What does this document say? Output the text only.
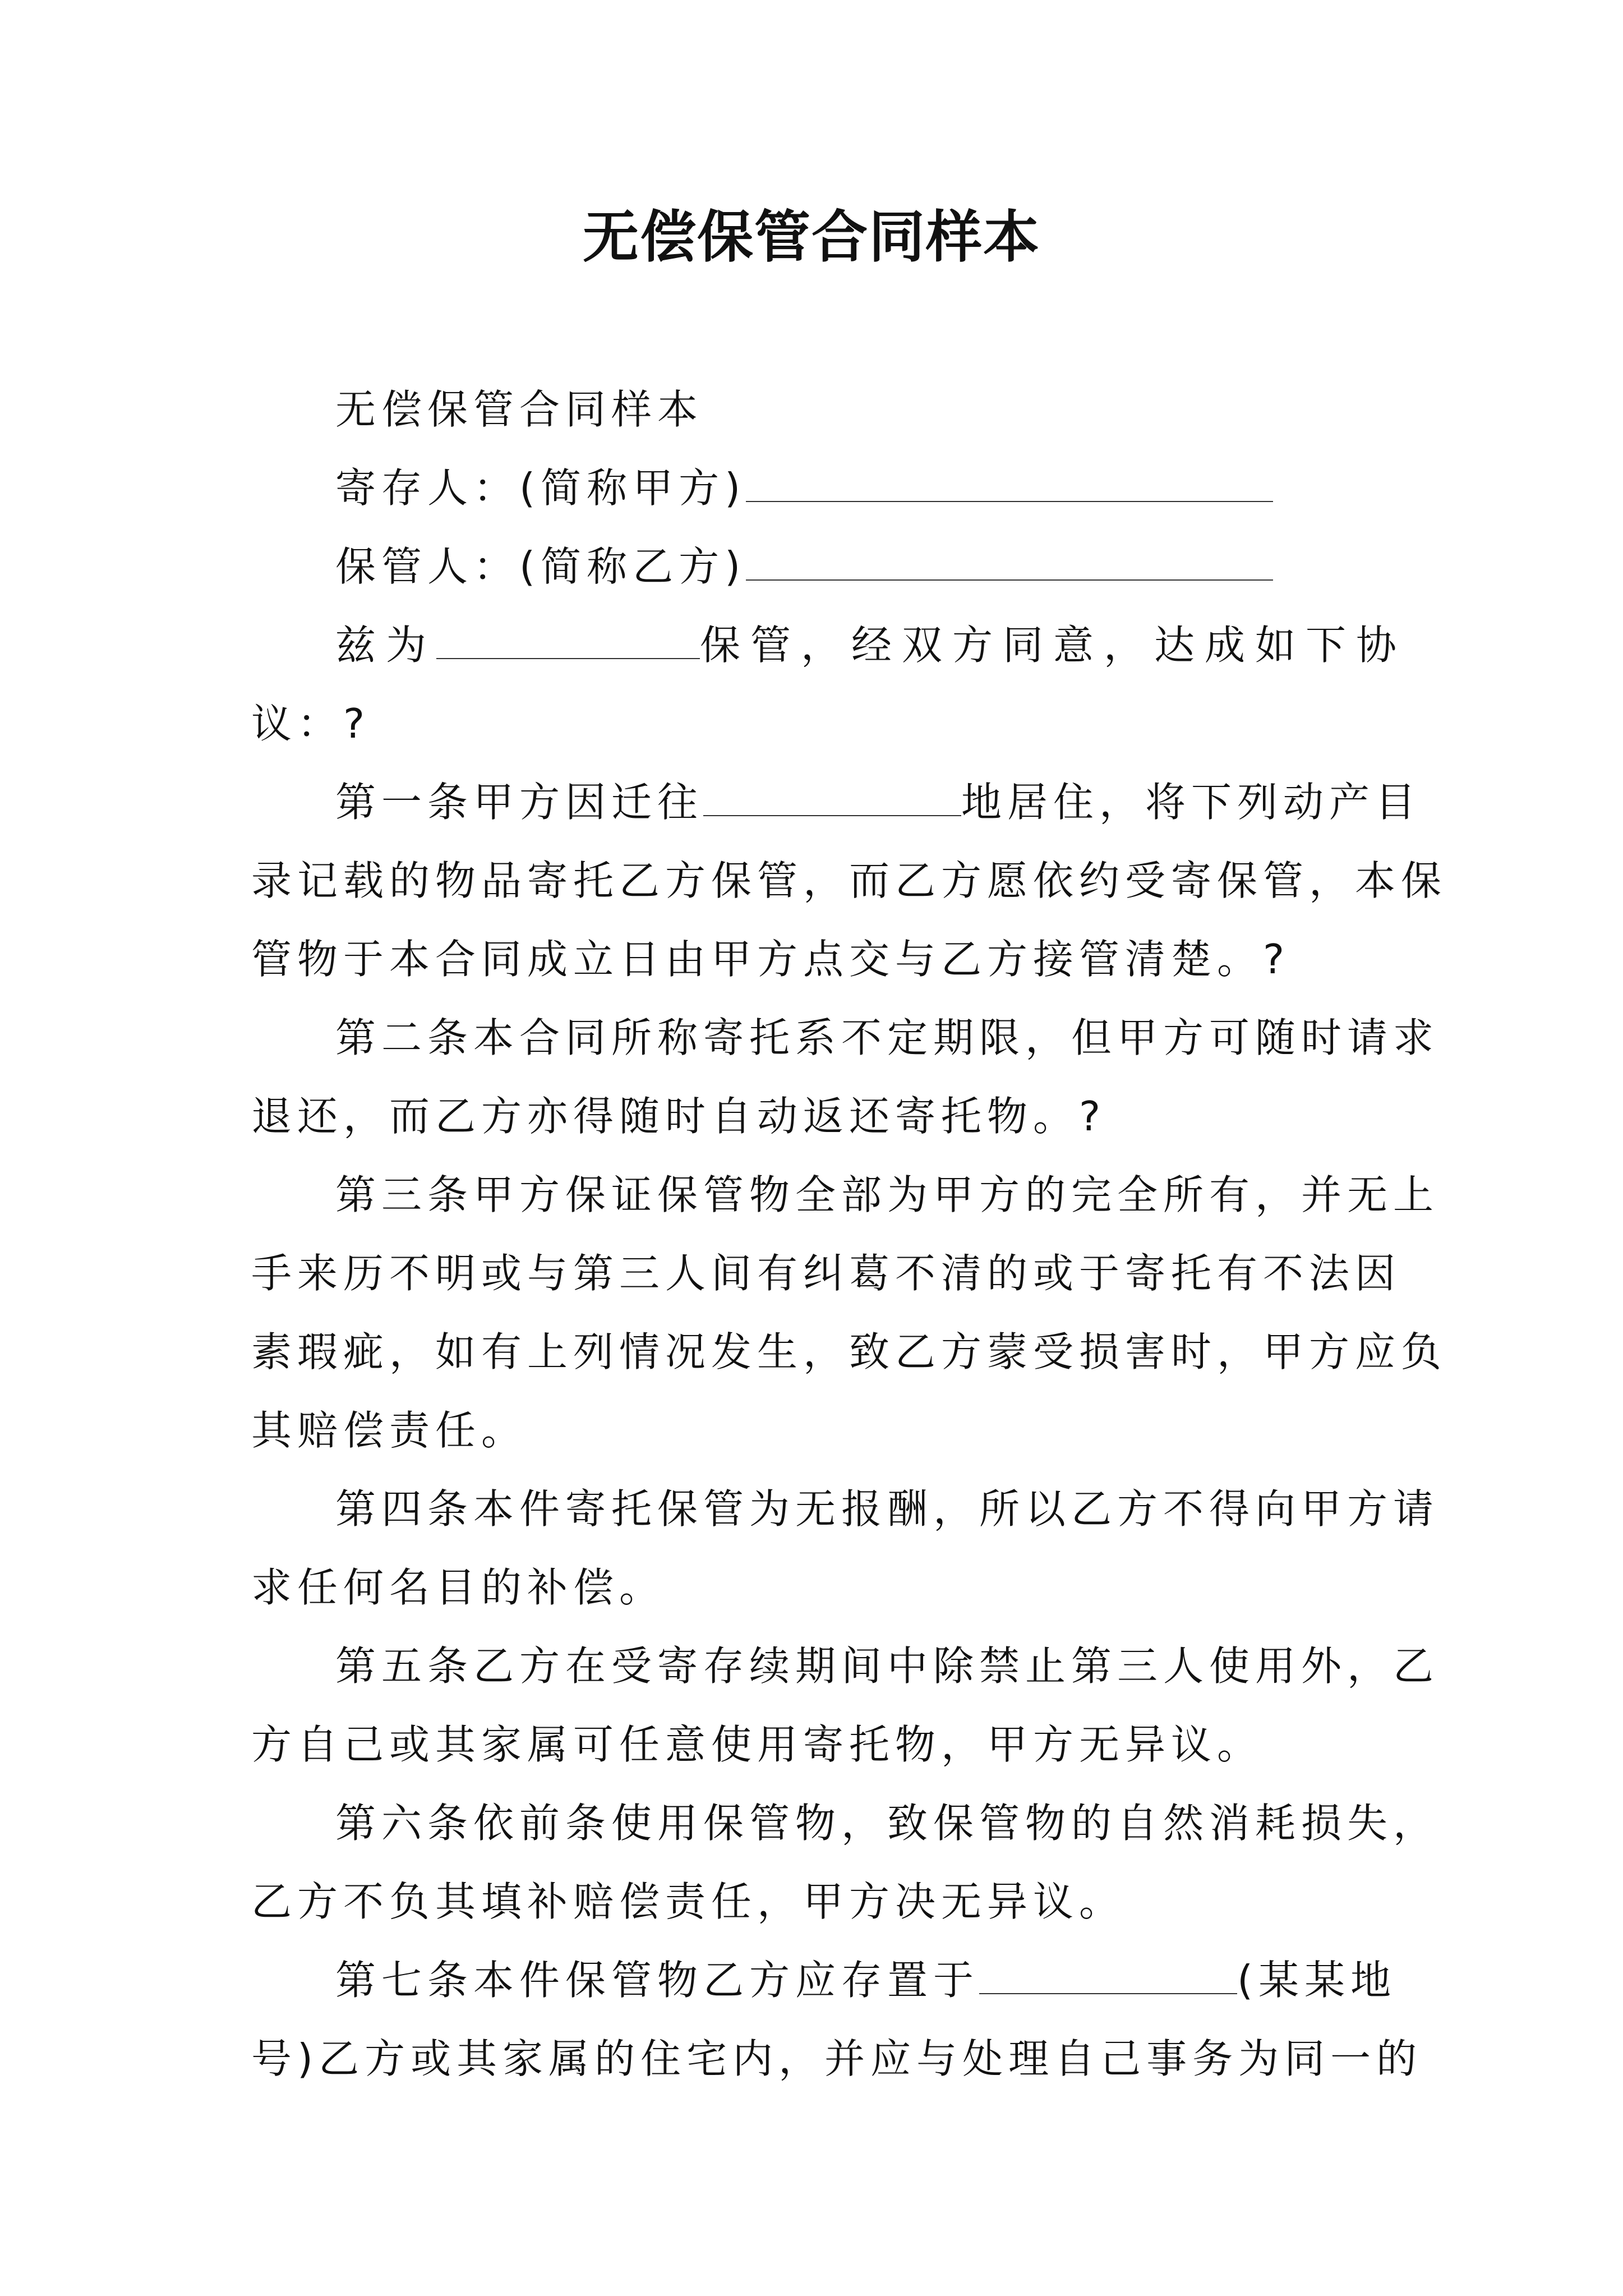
无偿保管合同样本
无偿保管合同样本
寄存人：(简称甲方)
保管人：(简称乙方)
兹为	保管，经双方同意，达成如下协
议：?
第一条甲方因迁往	地居住，将下列动产目
录记载的物品寄托乙方保管，而乙方愿依约受寄保管，本保
管物于本合同成立日由甲方点交与乙方接管清楚。?
第二条本合同所称寄托系不定期限，但甲方可随时请求
退还，而乙方亦得随时自动返还寄托物。?
第三条甲方保证保管物全部为甲方的完全所有，并无上
手来历不明或与第三人间有纠葛不清的或于寄托有不法因
素瑕疵，如有上列情况发生，致乙方蒙受损害时，甲方应负
其赔偿责任。
第四条本件寄托保管为无报酬，所以乙方不得向甲方请
求任何名目的补偿。
第五条乙方在受寄存续期间中除禁止第三人使用外，乙
方自己或其家属可任意使用寄托物，甲方无异议。
第六条依前条使用保管物，致保管物的自然消耗损失，
乙方不负其填补赔偿责任，甲方决无异议。
第七条本件保管物乙方应存置于	(某某地
号)乙方或其家属的住宅内，并应与处理自己事务为同一的
